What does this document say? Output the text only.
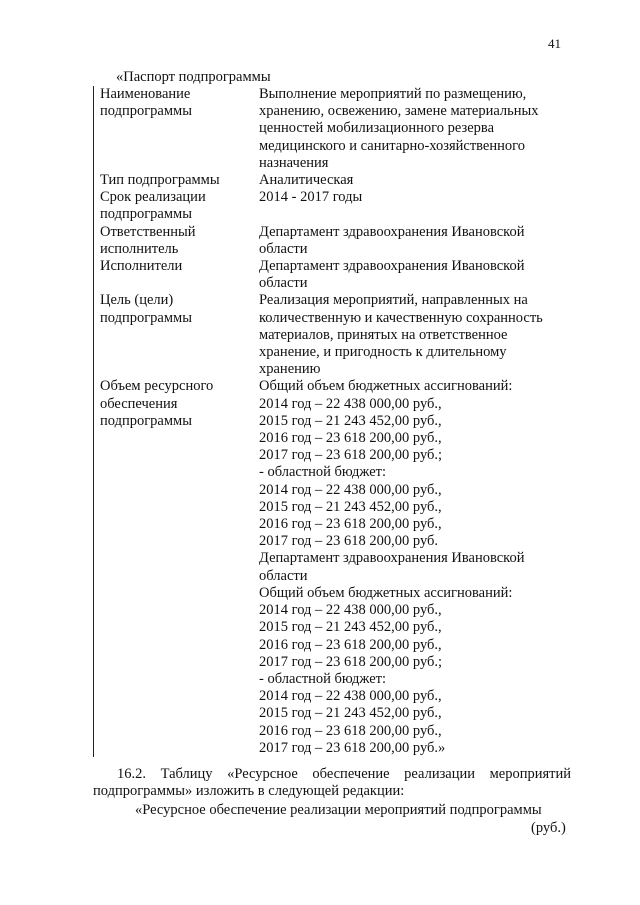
41
«Паспорт подпрограммы
Наименование
подпрограммы
Выполнение мероприятий по размещению,
хранению, освежению, замене материальных
ценностей мобилизационного резерва
медицинского и санитарно-хозяйственного
назначения
Тип подпрограммы	Аналитическая
Срок реализации
подпрограммы
2014 - 2017 годы
Ответственный
исполнитель
Департамент здравоохранения Ивановской
области
Исполнители	Департамент здравоохранения Ивановской
области
Цель (цели)
подпрограммы
Реализация мероприятий, направленных на
количественную и качественную сохранность
материалов, принятых на ответственное
хранение, и пригодность к длительному
хранению
Объем ресурсного
обеспечения
подпрограммы
Общий объем бюджетных ассигнований:
2014 год – 22 438 000,00 руб.,
2015 год – 21 243 452,00 руб.,
2016 год – 23 618 200,00 руб.,
2017 год – 23 618 200,00 руб.;
- областной бюджет:
2014 год – 22 438 000,00 руб.,
2015 год – 21 243 452,00 руб.,
2016 год – 23 618 200,00 руб.,
2017 год – 23 618 200,00 руб.
Департамент здравоохранения Ивановской
области
Общий объем бюджетных ассигнований:
2014 год – 22 438 000,00 руб.,
2015 год – 21 243 452,00 руб.,
2016 год – 23 618 200,00 руб.,
2017 год – 23 618 200,00 руб.;
- областной бюджет:
2014 год – 22 438 000,00 руб.,
2015 год – 21 243 452,00 руб.,
2016 год – 23 618 200,00 руб.,
2017 год – 23 618 200,00 руб.»
16.2. Таблицу «Ресурсное обеспечение реализации мероприятий
подпрограммы» изложить в следующей редакции:
«Ресурсное обеспечение реализации мероприятий подпрограммы
(руб.)
